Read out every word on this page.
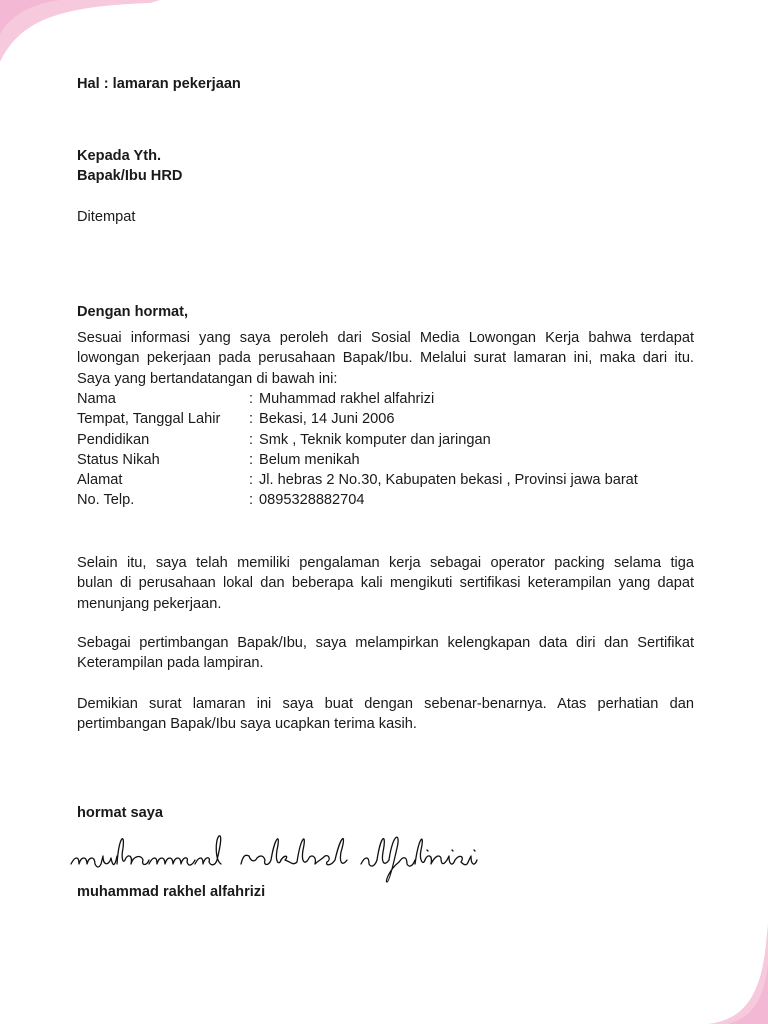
Hal : lamaran pekerjaan
Kepada Yth.
Bapak/Ibu HRD
Ditempat
Dengan hormat,
Sesuai informasi yang saya peroleh dari Sosial Media Lowongan Kerja bahwa terdapat
lowongan pekerjaan pada perusahaan Bapak/Ibu. Melalui surat lamaran ini, maka dari itu.
Saya yang bertandatangan di bawah ini:
Nama	: Muhammad rakhel alfahrizi
Tempat, Tanggal Lahir	: Bekasi, 14 Juni 2006
Pendidikan	: Smk , Teknik komputer dan jaringan
Status Nikah	: Belum menikah
Alamat	: Jl. hebras 2 No.30, Kabupaten bekasi , Provinsi jawa barat
No. Telp.	: 0895328882704
Selain itu, saya telah memiliki pengalaman kerja sebagai operator packing selama tiga
bulan di perusahaan lokal dan beberapa kali mengikuti sertifikasi keterampilan yang dapat
menunjang pekerjaan.
Sebagai pertimbangan Bapak/Ibu, saya melampirkan kelengkapan data diri dan Sertifikat
Keterampilan pada lampiran.
Demikian surat lamaran ini saya buat dengan sebenar-benarnya. Atas perhatian dan
pertimbangan Bapak/Ibu saya ucapkan terima kasih.
hormat saya
muhammad rakhel alfahrizi
